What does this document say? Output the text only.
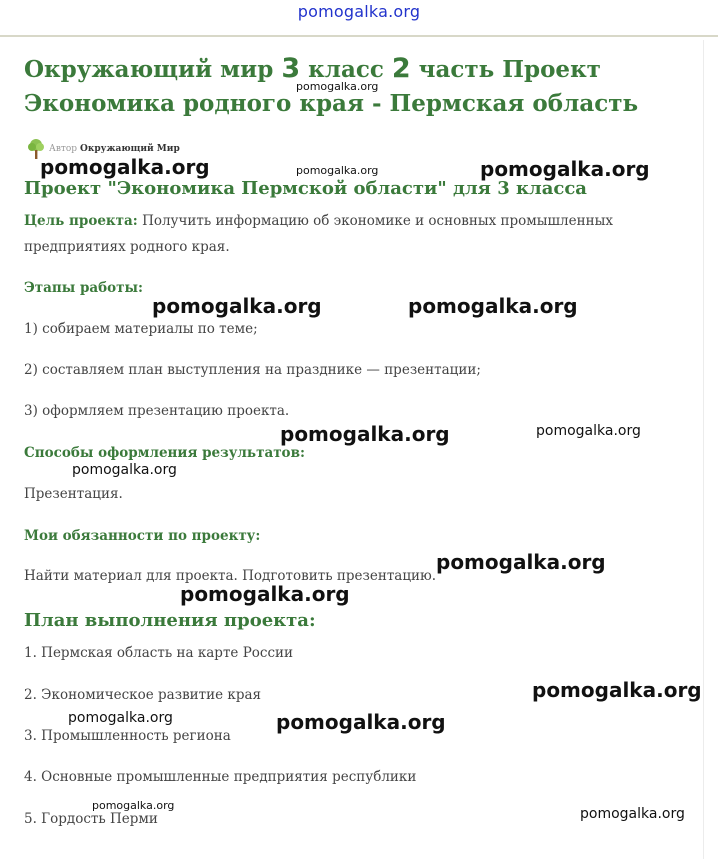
pomogalka.org
Окружающий мир 3 класс 2 часть Проект
Экономика родного края - Пермская область
Автор Окружающий Мир
Проект "Экономика Пермской области" для 3 класса

Цель проекта: Получить информацию об экономике и основных промышленных
предприятиях родного края.

Этапы работы:

1) собираем материалы по теме;

2) составляем план выступления на празднике — презентации;

3) оформляем презентацию проекта.

Способы оформления результатов:

Презентация.

Мои обязанности по проекту:

Найти материал для проекта. Подготовить презентацию.

План выполнения проекта:

1. Пермская область на карте России

2. Экономическое развитие края

3. Промышленность региона

4. Основные промышленные предприятия республики

5. Гордость Перми

pomogalka.org
pomogalka.org	pomogalka.org	pomogalka.org
pomogalka.org	pomogalka.org
pomogalka.org	pomogalka.org
pomogalka.org
pomogalka.org
pomogalka.org
pomogalka.org
pomogalka.org	pomogalka.org
pomogalka.org
pomogalka.org
